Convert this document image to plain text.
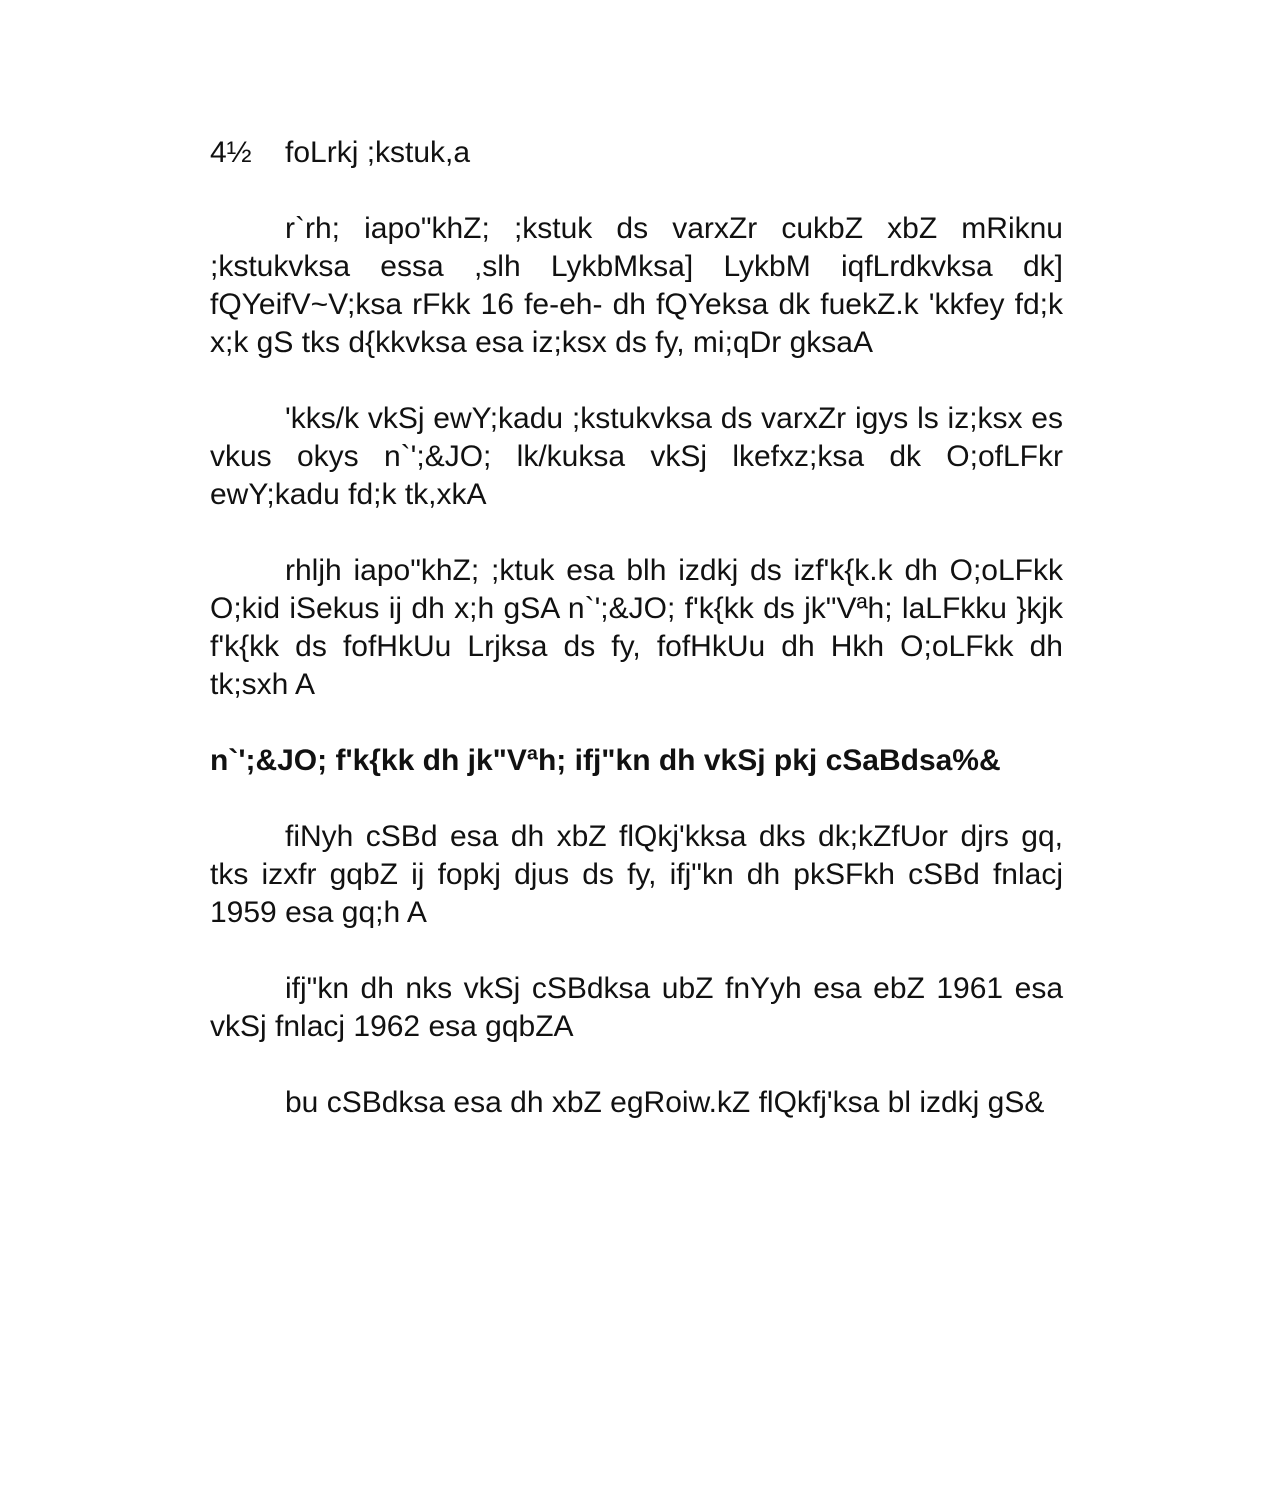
4½ foLrkj ;kstuk,a

r`rh; iapo"khZ; ;kstuk ds varxZr cukbZ xbZ mRiknu ;kstukvksa essa ,slh LykbMksa] LykbM iqfLrdkvksa dk] fQYeifV~V;ksa rFkk 16 fe-eh- dh fQYeksa dk fuekZ.k 'kkfey fd;k x;k gS tks d{kkvksa esa iz;ksx ds fy, mi;qDr gksaA

'kks/k vkSj ewY;kadu ;kstukvksa ds varxZr igys ls iz;ksx es vkus okys n`';&JO; lk/kuksa vkSj lkefxz;ksa dk O;ofLFkr ewY;kadu fd;k tk,xkA

rhljh iapo"khZ; ;ktuk esa blh izdkj ds izf'k{k.k dh O;oLFkk O;kid iSekus ij dh x;h gSA n`';&JO; f'k{kk ds jk"Vªh; laLFkku }kjk f'k{kk ds fofHkUu Lrjksa ds fy, fofHkUu dh Hkh O;oLFkk dh tk;sxh A

n`';&JO; f'k{kk dh jk"Vªh; ifj"kn dh vkSj pkj cSaBdsa%&

fiNyh cSBd esa dh xbZ flQkj'kksa dks dk;kZfUor djrs gq, tks izxfr gqbZ ij fopkj djus ds fy, ifj"kn dh pkSFkh cSBd fnlacj 1959 esa gq;h A

ifj"kn dh nks vkSj cSBdksa ubZ fnYyh esa ebZ 1961 esa vkSj fnlacj 1962 esa gqbZA

bu cSBdksa esa dh xbZ egRoiw.kZ flQkfj'ksa bl izdkj gS&
